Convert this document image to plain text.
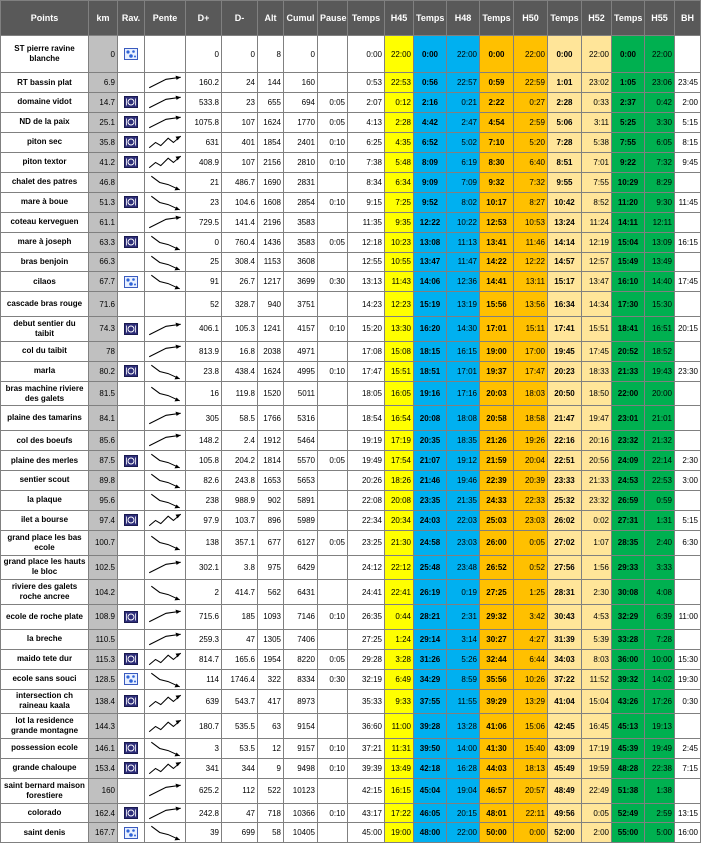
Points	km	Rav.	Pente	D+	D-	Alt	Cumul	Pause	Temps	H45	Temps	H48	Temps	H50	Temps	H52	Temps	H55	BH
ST pierre ravine blanche	0			0	0	8	0		0:00	22:00	0:00	22:00	0:00	22:00	0:00	22:00	0:00	22:00	
RT bassin plat	6.9			160.2	24	144	160		0:53	22:53	0:56	22:57	0:59	22:59	1:01	23:02	1:05	23:06	23:45
domaine vidot	14.7			533.8	23	655	694	0:05	2:07	0:12	2:16	0:21	2:22	0:27	2:28	0:33	2:37	0:42	2:00
ND de la paix	25.1			1075.8	107	1624	1770	0:05	4:13	2:28	4:42	2:47	4:54	2:59	5:06	3:11	5:25	3:30	5:15
piton sec	35.8			631	401	1854	2401	0:10	6:25	4:35	6:52	5:02	7:10	5:20	7:28	5:38	7:55	6:05	8:15
piton textor	41.2			408.9	107	2156	2810	0:10	7:38	5:48	8:09	6:19	8:30	6:40	8:51	7:01	9:22	7:32	9:45
chalet des patres	46.8			21	486.7	1690	2831		8:34	6:34	9:09	7:09	9:32	7:32	9:55	7:55	10:29	8:29	
mare à boue	51.3			23	104.6	1608	2854	0:10	9:15	7:25	9:52	8:02	10:17	8:27	10:42	8:52	11:20	9:30	11:45
coteau kerveguen	61.1			729.5	141.4	2196	3583		11:35	9:35	12:22	10:22	12:53	10:53	13:24	11:24	14:11	12:11	
mare à joseph	63.3			0	760.4	1436	3583	0:05	12:18	10:23	13:08	11:13	13:41	11:46	14:14	12:19	15:04	13:09	16:15
bras benjoin	66.3			25	308.4	1153	3608		12:55	10:55	13:47	11:47	14:22	12:22	14:57	12:57	15:49	13:49	
cilaos	67.7			91	26.7	1217	3699	0:30	13:13	11:43	14:06	12:36	14:41	13:11	15:17	13:47	16:10	14:40	17:45
cascade bras rouge	71.6			52	328.7	940	3751		14:23	12:23	15:19	13:19	15:56	13:56	16:34	14:34	17:30	15:30	
debut sentier du taibit	74.3			406.1	105.3	1241	4157	0:10	15:20	13:30	16:20	14:30	17:01	15:11	17:41	15:51	18:41	16:51	20:15
col du taibit	78			813.9	16.8	2038	4971		17:08	15:08	18:15	16:15	19:00	17:00	19:45	17:45	20:52	18:52	
marla	80.2			23.8	438.4	1624	4995	0:10	17:47	15:51	18:51	17:01	19:37	17:47	20:23	18:33	21:33	19:43	23:30
bras machine riviere des galets	81.5			16	119.8	1520	5011		18:05	16:05	19:16	17:16	20:03	18:03	20:50	18:50	22:00	20:00	
plaine des tamarins	84.1			305	58.5	1766	5316		18:54	16:54	20:08	18:08	20:58	18:58	21:47	19:47	23:01	21:01	
col des boeufs	85.6			148.2	2.4	1912	5464		19:19	17:19	20:35	18:35	21:26	19:26	22:16	20:16	23:32	21:32	
plaine des merles	87.5			105.8	204.2	1814	5570	0:05	19:49	17:54	21:07	19:12	21:59	20:04	22:51	20:56	24:09	22:14	2:30
sentier scout	89.8			82.6	243.8	1653	5653		20:26	18:26	21:46	19:46	22:39	20:39	23:33	21:33	24:53	22:53	3:00
la plaque	95.6			238	988.9	902	5891		22:08	20:08	23:35	21:35	24:33	22:33	25:32	23:32	26:59	0:59	
ilet a bourse	97.4			97.9	103.7	896	5989		22:34	20:34	24:03	22:03	25:03	23:03	26:02	0:02	27:31	1:31	5:15
grand place les bas ecole	100.7			138	357.1	677	6127	0:05	23:25	21:30	24:58	23:03	26:00	0:05	27:02	1:07	28:35	2:40	6:30
grand place les hauts le bloc	102.5			302.1	3.8	975	6429		24:12	22:12	25:48	23:48	26:52	0:52	27:56	1:56	29:33	3:33	
riviere des galets roche ancree	104.2			2	414.7	562	6431		24:41	22:41	26:19	0:19	27:25	1:25	28:31	2:30	30:08	4:08	
ecole de roche plate	108.9			715.6	185	1093	7146	0:10	26:35	0:44	28:21	2:31	29:32	3:42	30:43	4:53	32:29	6:39	11:00
la breche	110.5			259.3	47	1305	7406		27:25	1:24	29:14	3:14	30:27	4:27	31:39	5:39	33:28	7:28	
maido tete dur	115.3			814.7	165.6	1954	8220	0:05	29:28	3:28	31:26	5:26	32:44	6:44	34:03	8:03	36:00	10:00	15:30
ecole sans souci	128.5			114	1746.4	322	8334	0:30	32:19	6:49	34:29	8:59	35:56	10:26	37:22	11:52	39:32	14:02	19:30
intersection ch raineau kaala	138.4			639	543.7	417	8973		35:33	9:33	37:55	11:55	39:29	13:29	41:04	15:04	43:26	17:26	0:30
lot la residence grande montagne	144.3			180.7	535.5	63	9154		36:60	11:00	39:28	13:28	41:06	15:06	42:45	16:45	45:13	19:13	
possession ecole	146.1			3	53.5	12	9157	0:10	37:21	11:31	39:50	14:00	41:30	15:40	43:09	17:19	45:39	19:49	2:45
grande chaloupe	153.4			341	344	9	9498	0:10	39:39	13:49	42:18	16:28	44:03	18:13	45:49	19:59	48:28	22:38	7:15
saint bernard maison forestiere	160			625.2	112	522	10123		42:15	16:15	45:04	19:04	46:57	20:57	48:49	22:49	51:38	1:38	
colorado	162.4			242.8	47	718	10366	0:10	43:17	17:22	46:05	20:15	48:01	22:11	49:56	0:05	52:49	2:59	13:15
saint denis	167.7			39	699	58	10405		45:00	19:00	48:00	22:00	50:00	0:00	52:00	2:00	55:00	5:00	16:00
